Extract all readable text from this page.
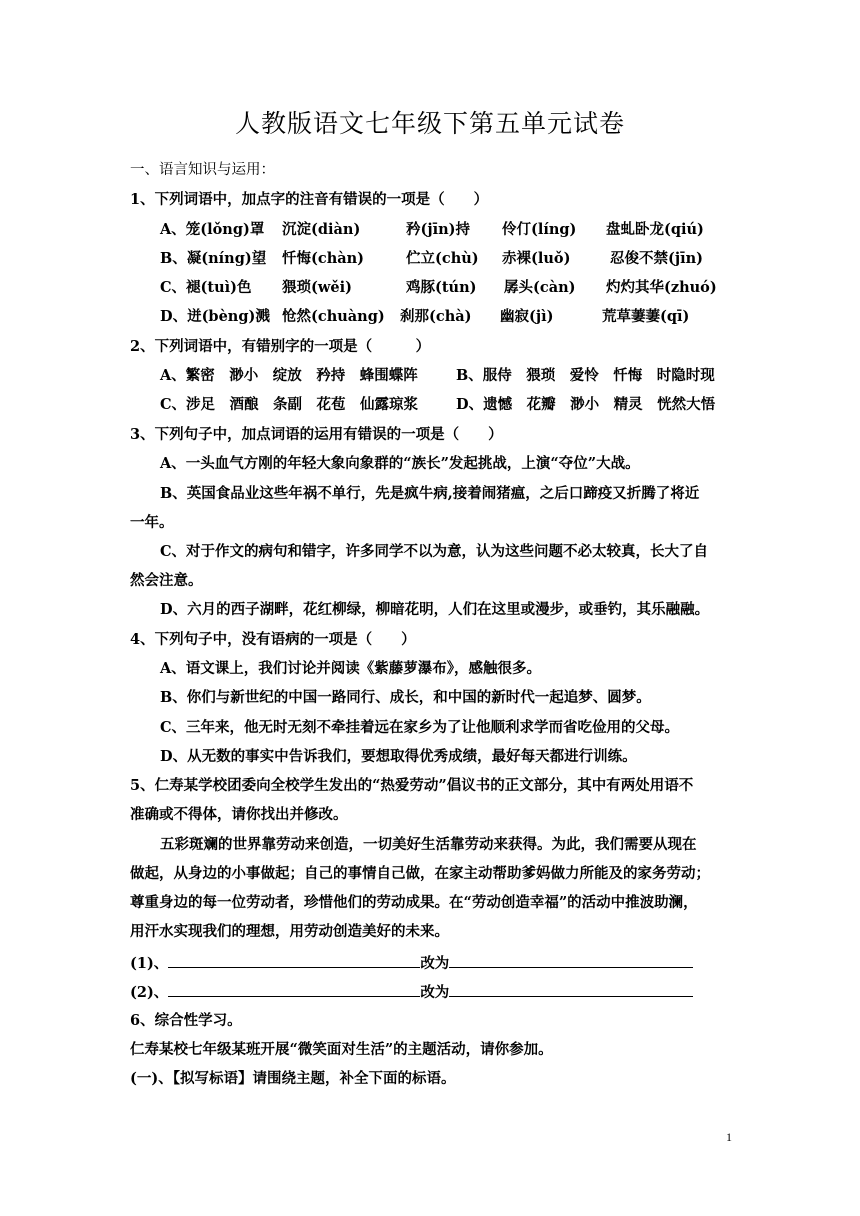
人教版语文七年级下第五单元试卷
一、语言知识与运用：
1、下列词语中，加点字的注音有错误的一项是（　　）
A、笼(lǒng)罩 沉淀(diàn)	矜(jīn)持 伶仃(líng) 盘虬卧龙(qiú)
B、凝(níng)望 忏悔(chàn)	伫立(chù) 赤裸(luǒ)	忍俊不禁(jīn)
C、褪(tuì)色 猥琐(wěi)	鸡豚(tún) 孱头(càn) 灼灼其华(zhuó)
D、迸(bèng)溅 怆然(chuàng) 刹那(chà) 幽寂(jì)	荒草萋萋(qī)
2、下列词语中，有错别字的一项是（　　　）
A、繁密　渺小　绽放　矜持　蜂围蝶阵	B、服侍　猥琐　爱怜　忏悔　时隐时现
C、涉足　酒酿　条副　花苞　仙露琼浆	D、遗憾　花瓣　渺小　精灵　恍然大悟
3、下列句子中，加点词语的运用有错误的一项是（　　）
A、一头血气方刚的年轻大象向象群的“族长”发起挑战，上演“夺位”大战。
B、英国食品业这些年祸不单行，先是疯牛病,接着闹猪瘟，之后口蹄疫又折腾了将近
一年。
C、对于作文的病句和错字，许多同学不以为意，认为这些问题不必太较真，长大了自
然会注意。
D、六月的西子湖畔，花红柳绿，柳暗花明，人们在这里或漫步，或垂钓，其乐融融。
4、下列句子中，没有语病的一项是（　　）
A、语文课上，我们讨论并阅读《紫藤萝瀑布》，感触很多。
B、你们与新世纪的中国一路同行、成长，和中国的新时代一起追梦、圆梦。
C、三年来，他无时无刻不牵挂着远在家乡为了让他顺利求学而省吃俭用的父母。
D、从无数的事实中告诉我们，要想取得优秀成绩，最好每天都进行训练。
5、仁寿某学校团委向全校学生发出的“热爱劳动”倡议书的正文部分，其中有两处用语不
准确或不得体，请你找出并修改。
五彩斑斓的世界靠劳动来创造，一切美好生活靠劳动来获得。为此，我们需要从现在
做起，从身边的小事做起；自己的事情自己做，在家主动帮助爹妈做力所能及的家务劳动；
尊重身边的每一位劳动者，珍惜他们的劳动成果。在“劳动创造幸福”的活动中推波助澜，
用汗水实现我们的理想，用劳动创造美好的未来。
(1)、	改为
(2)、	改为
6、综合性学习。
仁寿某校七年级某班开展“微笑面对生活”的主题活动，请你参加。
(一)、【拟写标语】请围绕主题，补全下面的标语。
1
